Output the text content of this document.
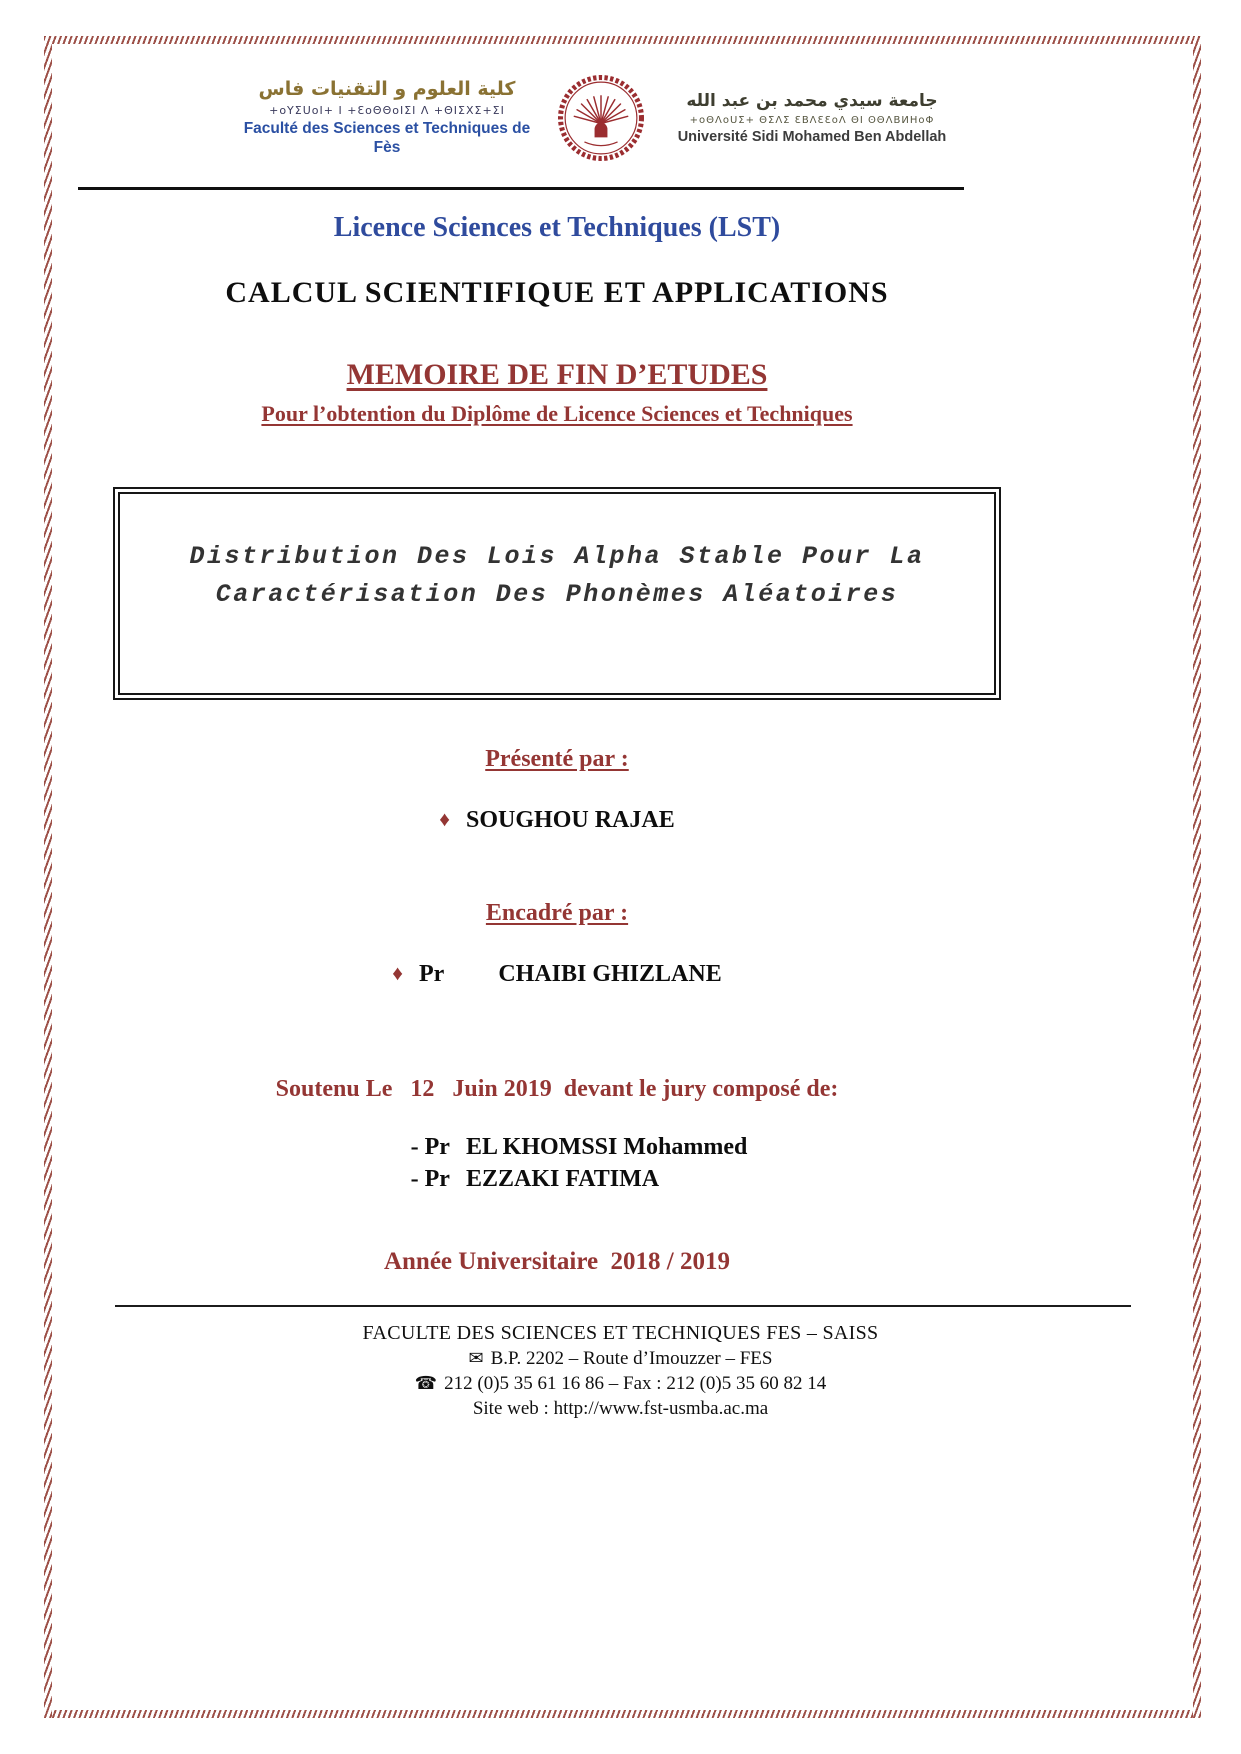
كلية العلوم و التقنيات فاس
+oYΣUoI+ I +ƐoΘΘoIΣI Λ +ΘIΣXΣ+ΣI
Faculté des Sciences et Techniques de Fès
جامعة سيدي محمد بن عبد الله
+oΘΛoUΣ+ ΘΣΛΣ ƐBΛƐƐoΛ ΘI ʘΘΛBИHoΦ
Université Sidi Mohamed Ben Abdellah
Licence Sciences et Techniques (LST)
CALCUL SCIENTIFIQUE ET APPLICATIONS
MEMOIRE DE FIN D’ETUDES
Pour l’obtention du Diplôme de Licence Sciences et Techniques
Distribution Des Lois Alpha Stable Pour La
Caractérisation Des Phonèmes Aléatoires
Présenté par :
♦ SOUGHOU RAJAE
Encadré par :
♦ Pr CHAIBI GHIZLANE
Soutenu Le   12   Juin 2019  devant le jury composé de:
- Pr EL KHOMSSI Mohammed
- Pr EZZAKI FATIMA
Année Universitaire  2018 / 2019
FACULTE DES SCIENCES ET TECHNIQUES FES – SAISS
✉ B.P. 2202 – Route d’Imouzzer – FES
☎ 212 (0)5 35 61 16 86 – Fax : 212 (0)5 35 60 82 14
Site web : http://www.fst-usmba.ac.ma
